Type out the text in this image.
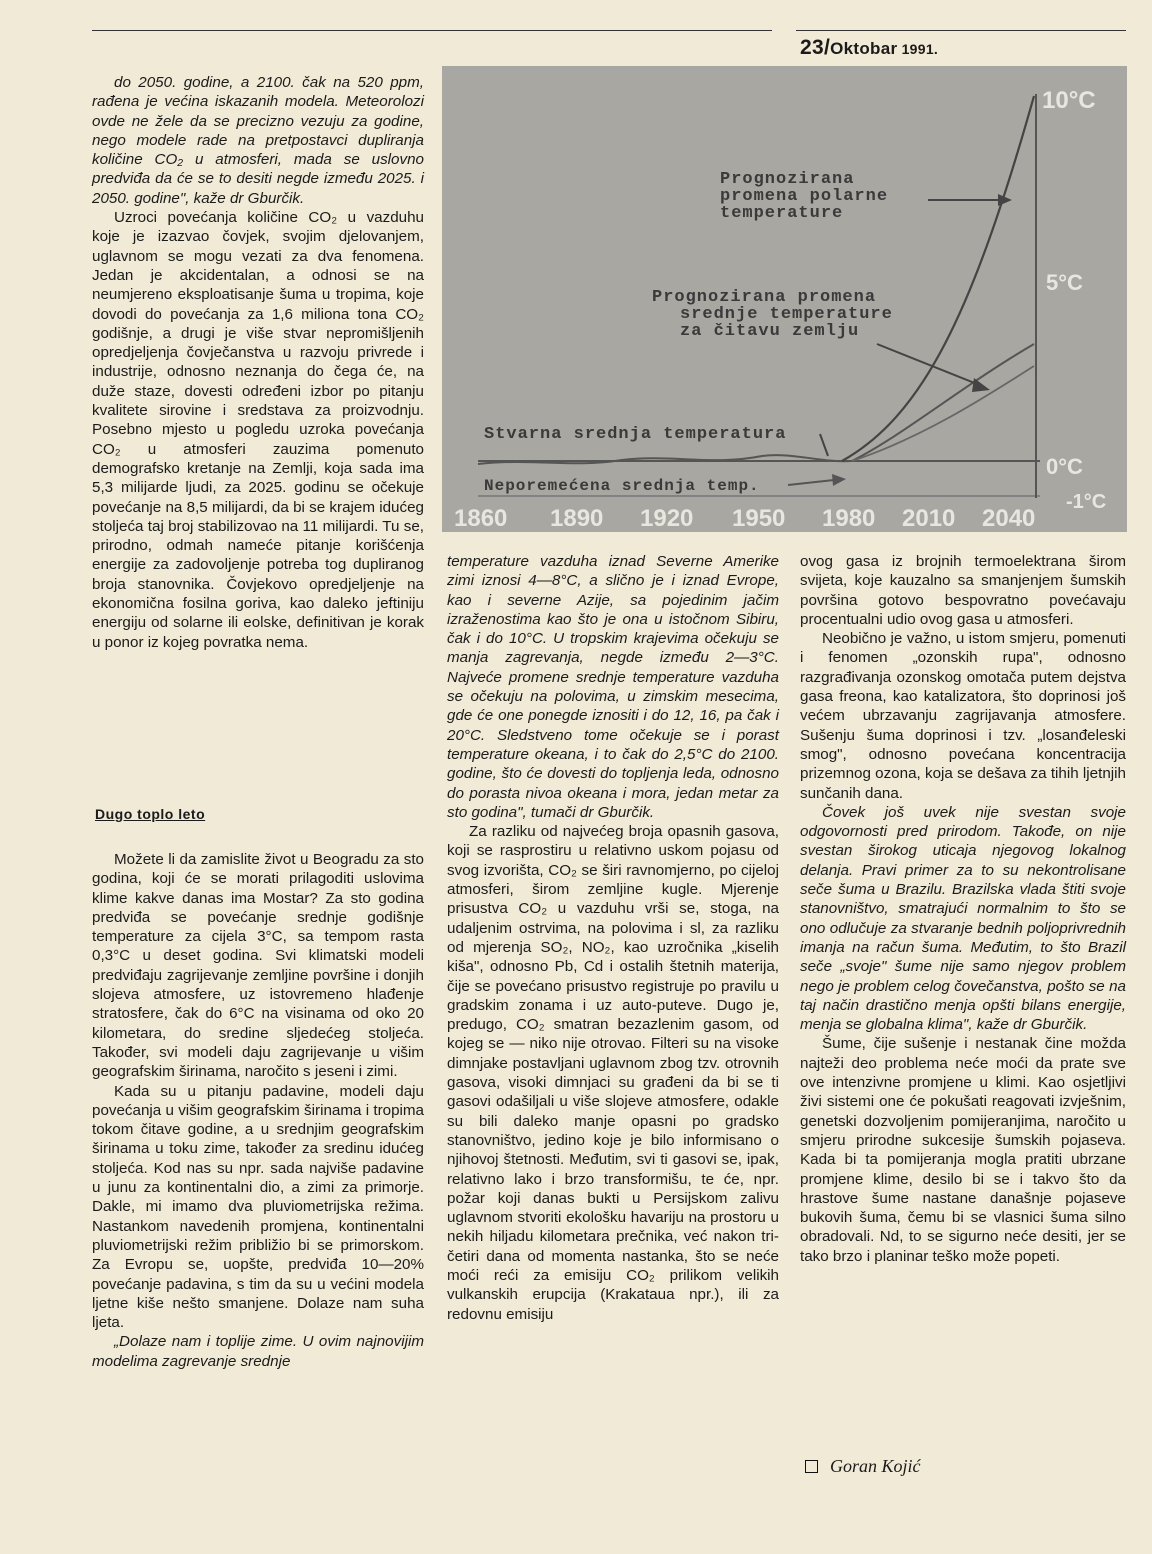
23/Oktobar 1991.

do 2050. godine, a 2100. čak na 520 ppm, rađena je većina iskazanih modela. Meteorolozi ovde ne žele da se precizno vezuju za godine, nego modele rade na pretpostavci dupliranja količine CO₂ u atmosferi, mada se uslovno predviđa da će se to desiti negde između 2025. i 2050. godine", kaže dr Gburčik.

Uzroci povećanja količine CO₂ u vazduhu koje je izazvao čovjek, svojim djelovanjem, uglavnom se mogu vezati za dva fenomena. Jedan je akcidentalan, a odnosi se na neumjereno eksploatisanje šuma u tropima, koje dovodi do povećanja za 1,6 miliona tona CO₂ godišnje, a drugi je više stvar nepromišljenih opredjeljenja čovječanstva u razvoju privrede i industrije, odnosno neznanja do čega će, na duže staze, dovesti određeni izbor po pitanju kvalitete sirovine i sredstava za proizvodnju. Posebno mjesto u pogledu uzroka povećanja CO₂ u atmosferi zauzima pomenuto demografsko kretanje na Zemlji, koja sada ima 5,3 milijarde ljudi, za 2025. godinu se očekuje povećanje na 8,5 milijardi, da bi se krajem idućeg stoljeća taj broj stabilizovao na 11 milijardi. Tu se, prirodno, odmah nameće pitanje korišćenja energije za zadovoljenje potreba tog dupliranog broja stanovnika. Čovjekovo opredjeljenje na ekonomična fosilna goriva, kao daleko jeftiniju energiju od solarne ili eolske, definitivan je korak u ponor iz kojeg povratka nema.

Dugo toplo leto

Možete li da zamislite život u Beogradu za sto godina, koji će se morati prilagoditi uslovima klime kakve danas ima Mostar? Za sto godina predviđa se povećanje srednje godišnje temperature za cijela 3°C, sa tempom rasta 0,3°C u deset godina. Svi klimatski modeli predviđaju zagrijevanje zemljine površine i donjih slojeva atmosfere, uz istovremeno hlađenje stratosfere, čak do 6°C na visinama od oko 20 kilometara, do sredine sljedećeg stoljeća. Također, svi modeli daju zagrijevanje u višim geografskim širinama, naročito s jeseni i zimi.

Kada su u pitanju padavine, modeli daju povećanja u višim geografskim širinama i tropima tokom čitave godine, a u srednjim geografskim širinama u toku zime, također za sredinu idućeg stoljeća. Kod nas su npr. sada najviše padavine u junu za kontinentalni dio, a zimi za primorje. Dakle, mi imamo dva pluviometrijska režima. Nastankom navedenih promjena, kontinentalni pluviometrijski režim približio bi se primorskom. Za Evropu se, uopšte, predviđa 10—20% povećanje padavina, s tim da su u većini modela ljetne kiše nešto smanjene. Dolaze nam suha ljeta.

„Dolaze nam i toplije zime. U ovim najnovijim modelima zagrevanje srednje

Prognozirana
promena polarne
temperature
Prognozirana promena
srednje temperature
za čitavu zemlju
Stvarna srednja temperatura
Neporemećena srednja temp.
10°C
5°C
0°C
-1°C
1860 1890 1920 1950 1980 2010 2040

temperature vazduha iznad Severne Amerike zimi iznosi 4—8°C, a slično je i iznad Evrope, kao i severne Azije, sa pojedinim jačim izraženostima kao što je ona u istočnom Sibiru, čak i do 10°C. U tropskim krajevima očekuju se manja zagrevanja, negde između 2—3°C. Najveće promene srednje temperature vazduha se očekuju na polovima, u zimskim mesecima, gde će one ponegde iznositi i do 12, 16, pa čak i 20°C. Sledstveno tome očekuje se i porast temperature okeana, i to čak do 2,5°C do 2100. godine, što će dovesti do topljenja leda, odnosno do porasta nivoa okeana i mora, jedan metar za sto godina", tumači dr Gburčik.

Za razliku od najvećeg broja opasnih gasova, koji se rasprostiru u relativno uskom pojasu od svog izvorišta, CO₂ se širi ravnomjerno, po cijeloj atmosferi, širom zemljine kugle. Mjerenje prisustva CO₂ u vazduhu vrši se, stoga, na udaljenim ostrvima, na polovima i sl, za razliku od mjerenja SO₂, NO₂, kao uzročnika „kiselih kiša", odnosno Pb, Cd i ostalih štetnih materija, čije se povećano prisustvo registruje po pravilu u gradskim zonama i uz auto-puteve. Dugo je, predugo, CO₂ smatran bezazlenim gasom, od kojeg se — niko nije otrovao. Filteri su na visoke dimnjake postavljani uglavnom zbog tzv. otrovnih gasova, visoki dimnjaci su građeni da bi se ti gasovi odašiljali u više slojeve atmosfere, odakle su bili daleko manje opasni po gradsko stanovništvo, jedino koje je bilo informisano o njihovoj štetnosti. Međutim, svi ti gasovi se, ipak, relativno lako i brzo transformišu, te će, npr. požar koji danas bukti u Persijskom zalivu uglavnom stvoriti ekološku havariju na prostoru u nekih hiljadu kilometara prečnika, već nakon tri-četiri dana od momenta nastanka, što se neće moći reći za emisiju CO₂ prilikom velikih vulkanskih erupcija (Krakataua npr.), ili za redovnu emisiju

ovog gasa iz brojnih termoelektrana širom svijeta, koje kauzalno sa smanjenjem šumskih površina gotovo bespovratno povećavaju procentualni udio ovog gasa u atmosferi.

Neobično je važno, u istom smjeru, pomenuti i fenomen „ozonskih rupa", odnosno razgrađivanja ozonskog omotača putem dejstva gasa freona, kao katalizatora, što doprinosi još većem ubrzavanju zagrijavanja atmosfere. Sušenju šuma doprinosi i tzv. „losanđeleski smog", odnosno povećana koncentracija prizemnog ozona, koja se dešava za tihih ljetnjih sunčanih dana.

Čovek još uvek nije svestan svoje odgovornosti pred prirodom. Takođe, on nije svestan širokog uticaja njegovog lokalnog delanja. Pravi primer za to su nekontrolisane seče šuma u Brazilu. Brazilska vlada štiti svoje stanovništvo, smatrajući normalnim to što se ono odlučuje za stvaranje bednih poljoprivrednih imanja na račun šuma. Međutim, to što Brazil seče „svoje" šume nije samo njegov problem nego je problem celog čovečanstva, pošto se na taj način drastično menja opšti bilans energije, menja se globalna klima", kaže dr Gburčik.

Šume, čije sušenje i nestanak čine možda najteži deo problema neće moći da prate sve ove intenzivne promjene u klimi. Kao osjetljivi živi sistemi one će pokušati reagovati izvješnim, genetski dozvoljenim pomijeranjima, naročito u smjeru prirodne sukcesije šumskih pojaseva. Kada bi ta pomijeranja mogla pratiti ubrzane promjene klime, desilo bi se i takvo što da hrastove šume nastane današnje pojaseve bukovih šuma, čemu bi se vlasnici šuma silno obradovali. Nd, to se sigurno neće desiti, jer se tako brzo i planinar teško može popeti.

Goran Kojić
